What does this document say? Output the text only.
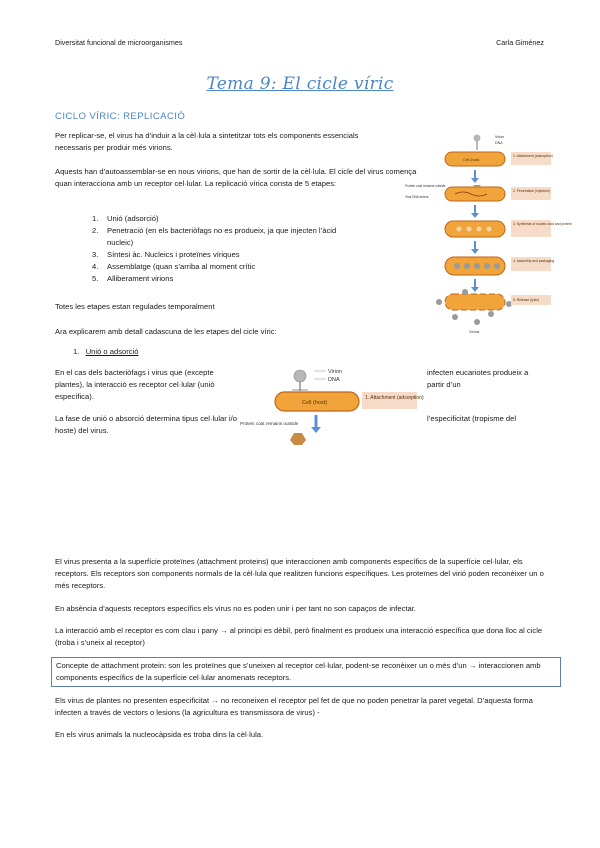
Diversitat funcional de microorganismes	Carla Giménez
Tema 9: El cicle víric
CICLO VÍRIC: REPLICACIÓ

Per replicar-se, el virus ha d’induir a la cèl·lula a sintetitzar tots els components essencials necessaris per produir més virions.

Aquests han d’autoassemblar-se en nous virions, que han de sortir de la cèl·lula. El cicle del virus comença quan interacciona amb un receptor cel·lular. La replicació vírica consta de 5 etapes:

1.	Unió (adsorció)
2.	Penetració (en els bacteriòfags no es produeix, ja que injecten l’àcid nucleic)
3.	Síntesi àc. Nucleics i proteïnes víriques
4.	Assemblatge (quan s’arriba al moment crític
5.	Alliberament virions

Totes les etapes estan regulades temporalment

Ara explicarem amb detall cadascuna de les etapes del cicle víric:

1. Unió o adsorció

En el cas dels bacteriòfags i virus que (excepte plantes), la interacció es receptor cel·lular (unió específica).

infecten eucariotes produeix a partir d’un

La fase de unió o absorció determina tipus cel·lular i/o hoste) del virus.

l’especificitat (tropisme del

Virion
DNA
Cell (host)
1. Attachment (adsorption)
Protein coat remains outside
Viral DNA enters
2. Penetration (injection)
3. Synthesis of nucleic acid and protein
4. Assembly and packaging
5. Release (lysis)
Virions
Virion
DNA
Cell (host)
1. Attachment (adsorption)
Protein coat remains outside

El virus presenta a la superfície proteïnes (attachment proteins) que interaccionen amb components específics de la superfície cel·lular, els receptors. Els receptors son components normals de la cèl·lula que realitzen funcions específiques. Les proteïnes del virió poden reconèixer un o més receptors.

En absència d’aquests receptors específics els virus no es poden unir i per tant no son capaços de infectar.

La interacció amb el receptor es com clau i pany → al principi es dèbil, però finalment es produeix una interacció específica que dona lloc al cicle (troba i s’uneix al receptor)

Concepte de attachment protein: son les proteïnes que s’uneixen al receptor cel·lular, podent-se reconèixer un o més d’un → interaccionen amb components específics de la superfície cel·lular anomenats receptors.

Els virus de plantes no presenten especificitat → no reconeixen el receptor pel fet de que no poden penetrar la paret vegetal. D’aquesta forma infecten a través de vectors o lesions (la agricultura es transmissora de virus) -

En els virus animals la nucleocàpsida es troba dins la cèl·lula.
